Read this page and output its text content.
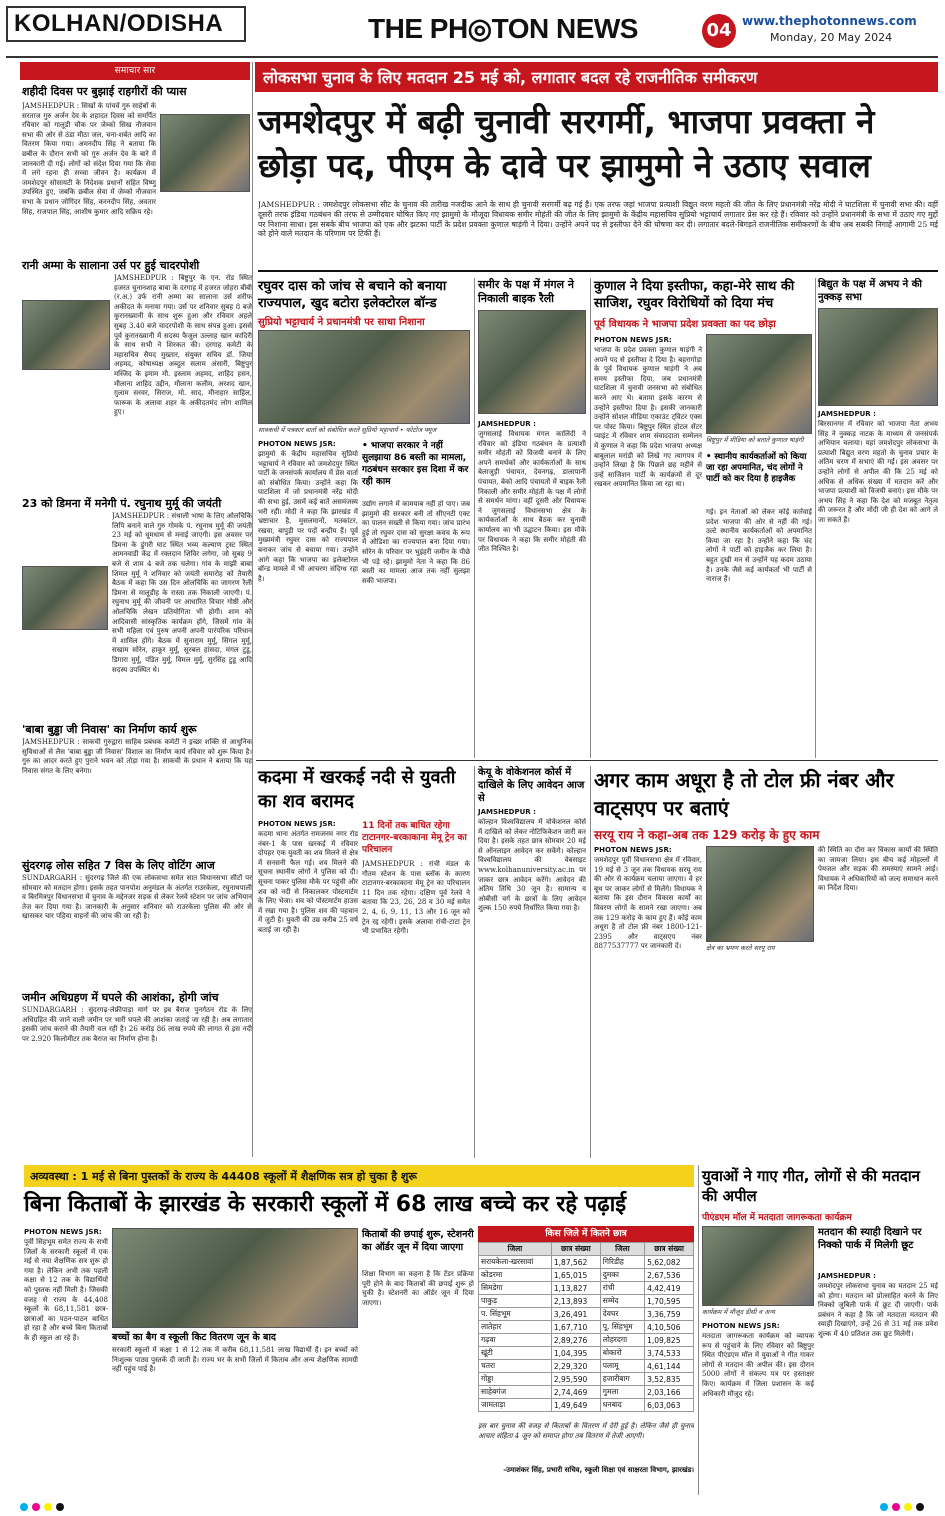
KOLHAN/ODISHA	THE PH◎TON NEWS	04 www.thephotonnews.com
Monday, 20 May 2024
समाचार सार
शहीदी दिवस पर बुझाई राहगीरों की प्यास
JAMSHEDPUR : सिखों के पांचवें गुरु साहेबों के सरताज गुरु अर्जन देव के शहादत दिवस को समर्पित रविवार को गालूडी चौक पर जेम्को सिख नौजवान सभा की ओर से ठंडा मीठा जल, चना-शर्बत आदि का वितरण किया गया। अमनदीप सिंह ने बताया कि छबील के दौरान सभी को गुरु अर्जन देव के बारे में जानकारी दी गई। लोगों को संदेश दिया गया कि सेवा में लगे रहना ही सच्चा जीवन है। कार्यक्रम में जमशेदपुर सोसायटी के निदेशक प्रधानों सहित विष्णु उपस्थित हुए, जबकि छबील सेवा में जेम्को नौजवान सभा के प्रधान जोगिंदर सिंह, करनदीप सिंह, अवतार सिंह, राजपाल सिंह, आशीष कुमार आदि सक्रिय रहे।
रानी अम्मा के सालाना उर्स पर हुई चादरपोशी
JAMSHEDPUR : बिष्टुपुर के एन. रोड स्थित हजरत चुनानशाह बाबा के दरगाह में हजरत जोहरा बीबी (र.अ.) उर्फ रानी अम्मा का सालाना उर्स शरीफ अकीदत के मनाया गया। उर्स पर शनिवार सुबह 8 बजे कुरानख्वानी के साथ शुरू हुआ और रविवार अहले सुबह 3.40 बजे चादरपोशी के साथ संपन्न हुआ। इससे पूर्व कुरानख्वानी में सदस्य फैजुल उल्लाह खान कादिरी के साथ सभी ने शिरकत की। दरगाह कमेटी के महासचिव सैयद मुख्तार, संयुक्त सचिव डॉ. जिया अहमद, कोषाध्यक्ष अब्दुल सलाम अंसारी, बिष्टुपुर मस्जिद के इमाम मौ. इस्लाम अहमद, शाहिद हसन, मौलाना शाहिद उद्दीन, मौलाना कलीम, अरशद खान, ग़ुलाम सरवर, सिराज, मो. साद, मीनाहार साहिल, फारूक के अलावा शहर के अकीदतमंद लोग शामिल हुए।
23 को डिमना में मनेगी पं. रघुनाथ मुर्मू की जयंती
JAMSHEDPUR : संथाली भाषा के लिए ओलचिकि लिपि बनाने वाले गुरु गोमके पं. रघुनाथ मुर्मू की जयंती 23 मई को धूमधाम से मनाई जाएगी। इस अवसर पर डिमना के डुंगरी घाट स्थित भव्य कल्याण ट्रस्ट स्थित आमनवाडी केंद्र में रक्तदान शिविर लगेगा, जो सुबह 9 बजे से शाम 4 बजे तक चलेगा। गांव के माझी बाबा शिमल मुर्मू ने शनिवार को जयंती समारोह को तैयारी बैठक में कहा कि उस दिन ओलचिकि का जागरण रैली डिमना से मालूडीह के रास्ता तक निकाली जाएगी। पं. रघुनाथ मुर्मू की जीवनी पर आधारित विचार गोष्ठी और ओलचिकि लेखन प्रतियोगिता भी होगी। शाम को आदिवासी सांस्कृतिक कार्यक्रम होंगे, जिसमें गांव के सभी महिला एवं पुरुष अपनी अपनी पारंपरिक परिधान में शामिल होंगे। बैठक में सुनाराम मुर्मू, सिंगल मुर्मू, सखाम सोरेन, हाकूर मुर्मू, सुरबल हांसदा, मंगल टुडू, डिगारा मुर्मू, पंडित मुर्मू, विमल मुर्मू, सुरसिंह टुडू आदि सदस्य उपस्थित थे।
'बाबा बुड्ढा जी निवास' का निर्माण कार्य शुरू
JAMSHEDPUR : साकची गुरुद्वारा साहिब प्रबंधक कमेटी ने इच्छा शक्ति से आधुनिक सुविधाओं से लैस 'बाबा बुड्ढा जी निवास' विशाल का निर्माण कार्य रविवार को शुरू किया है। गुरु का आदर करते हुए पुराने भवन को तोड़ा गया है। साकची के प्रधान ने बताया कि यह निवास संगत के लिए बनेगा।
सुंदरगढ़ लोस सहित 7 विस के लिए वोटिंग आज
SUNDARGARH : सुंदरगढ़ जिले की एक लोकसभा समेत सात विधानसभा सीटों पर सोमवार को मतदान होगा। इसके तहत पानपोश अनुमंडल के अंतर्गत राउरकेला, रघुनाथपाली व बिरमित्रपुर विधानसभा में चुनाव के मद्देनजर सड़क से लेकर रेलवे स्टेशन पर जांच अभियान तेज कर दिया गया है। जानकारी के अनुसार शनिवार को राउरकेला पुलिस की ओर से खासकर चार पहिया वाहनों की जांच की जा रही है।
जमीन अधिग्रहण में घपले की आशंका, होगी जांच
SUNDARGARH : सुंदरगढ़-लेफ्रीपाड़ा मार्ग पर इब बैराज पुनर्गठन रोड के लिए अधिग्रहित की जाने वाली जमीन पर भारी घपले की आशंका जताई जा रही है। अब लगातार इसकी जांच कराने की तैयारी चल रही है। 26 करोड़ 86 लाख रुपये की लागत से इस नदी पर 2.920 किलोमीटर तक बैराज का निर्माण होना है।
लोकसभा चुनाव के लिए मतदान 25 मई को, लगातार बदल रहे राजनीतिक समीकरण
जमशेदपुर में बढ़ी चुनावी सरगर्मी, भाजपा प्रवक्ता ने छोड़ा पद, पीएम के दावे पर झामुमो ने उठाए सवाल
JAMSHEDPUR : जमशेदपुर लोकसभा सीट के चुनाव की तारीख नजदीक आने के साथ ही चुनावी सरगर्मी बढ़ गई है। एक तरफ जहां भाजपा प्रत्याशी विद्युत वरण महतो की जीत के लिए प्रधानमंत्री नरेंद्र मोदी ने घाटशिला में चुनावी सभा की। वहीं दूसरी तरफ इंडिया गठबंधन की तरफ से उम्मीदवार घोषित किए गए झामुमो के मौजूदा विधायक समीर मोहंती की जीत के लिए झामुमो के केंद्रीय महासचिव सुप्रियो भट्टाचार्य लगातार प्रेस कर रहे हैं। रविवार को उन्होंने प्रधानमंत्री के सभा में उठाए गए मुद्दों पर निशाना साधा। इस सबके बीच भाजपा को एक और झटका पार्टी के प्रदेश प्रवक्ता कुणाल षाड़ंगी ने दिया। उन्होंने अपने पद से इस्तीफा देने की घोषणा कर दी। लगातार बदले-बिगड़ते राजनीतिक समीकरणों के बीच अब सबकी निगाहें आगामी 25 मई को होने वाले मतदान के परिणाम पर टिकी हैं।
रघुवर दास को जांच से बचाने को बनाया राज्यपाल, खुद बटोरा इलेक्टोरल बॉन्ड
सुप्रियो भट्टाचार्य ने प्रधानमंत्री पर साधा निशाना
सावकची में पत्रकार वार्ता को संबोधित करते सुप्रियो भट्टाचार्य • फोटोज फ्यूज
PHOTON NEWS JSR:
झामुमो के केंद्रीय महासचिव सुप्रियो भट्टाचार्य ने रविवार को जमशेदपुर स्थित पार्टी के जनसंपर्क कार्यालय में प्रेस वार्ता को संबोधित किया। उन्होंने कहा कि घाटशिला में जो प्रधानमंत्री नरेंद्र मोदी की सभा हुई, उसमें कई बातें असमंजस्य भरी रहीं। मोदी ने कहा कि झारखंड में भ्रष्टाचार है, मुसलमानों, मतकांटर, रखवा, बापुड़ी पर पदों बन्द्रीय हैं। पूर्व मुख्यमंत्री रघुवर दास को राज्यपाल बनाकर जांच से बचाया गया। उन्होंने आगे कहा कि भाजपा का इलेक्टोरल बॉन्ड मामले में भी आचरण संदिग्ध रहा है।
• भाजपा सरकार ने नहीं सुलझाया 86 बस्ती का मामला, गठबंधन सरकार इस दिशा में कर रही काम
उद्योग लगाने में कामयाब नहीं हो पाए। जब झामुमो की सरकार बनी तो सीएनटी एक्ट का पालन सख्ती से किया गया। जांच प्रारंभ हुई तो रघुवर दास को सुरक्षा कवच के रूप में ओडिशा का राज्यपाल बना दिया गया। सोरेन के परिवार पर भुइंहरी जमीन के पीछे भी पड़े रहे। झामुमो नेता ने कहा कि 86 बस्ती का मामला आज तक नहीं सुलझा सकी भाजपा।
समीर के पक्ष में मंगल ने निकाली बाइक रैली
JAMSHEDPUR :
जुगसलाई विधायक मंगल कालिंदी ने रविवार को इंडिया गठबंधन के प्रत्याशी समीर मोहंती को विजयी बनाने के लिए अपने समर्थकों और कार्यकर्ताओं के साथ बेलाजुड़ी पंचायत, देवनगढ़, डालापानी पंचायत, बेको आदि पंचायतों में बाइक रैली निकाली और समीर मोहंती के पक्ष में लोगों से समर्थन मांगा। वहीं दूसरी ओर विधायक ने जुगसलाई विधानसभा क्षेत्र के कार्यकर्ताओं के साथ बैठक कर चुनावी कार्यालय का भी उद्घाटन किया। इस मौके पर विधायक ने कहा कि समीर मोहंती की जीत निश्चित है।
कुणाल ने दिया इस्तीफा, कहा-मेरे साथ की साजिश, रघुवर विरोधियों को दिया मंच
पूर्व विधायक ने भाजपा प्रदेश प्रवक्ता का पद छोड़ा
PHOTON NEWS JSR:
भाजपा के प्रदेश प्रवक्ता कुणाल षाड़ंगी ने अपने पद से इस्तीफा दे दिया है। बहरागोड़ा के पूर्व विधायक कुणाल षाड़ंगी ने अब समय इस्तीफा दिया, जब प्रधानमंत्री घाटशिला में चुनावी जनसभा को संबोधित करने आए थे। बताया इसके कारण से उन्होंने इस्तीफा दिया है। इसकी जानकारी उन्होंने सोशल मीडिया एकाउंट ट्विटर एक्स पर पोस्ट किया। बिष्टुपुर स्थित होटल सेंटर प्वाइंट में रविवार शाम संवाददाता सम्मेलन में कुणाल ने कहा कि प्रदेश भाजपा अध्यक्ष बाबूलाल मरांडी को लिखे गए त्यागपत्र में उन्होंने लिखा है कि पिछले छह महीने से उन्हें साजिशन पार्टी के कार्यक्रमों से दूर रखकर अपमानित किया जा रहा था।
बिष्टुपुर में मीडिया को बताते कुणाल षाड़ंगी
• स्थानीय कार्यकर्ताओं को किया जा रहा अपमानित, चंद लोगों ने पार्टी को कर दिया है हाइजैक
गई। इन नेताओं को लेकर कोई कार्रवाई प्रदेश भाजपा की ओर से नहीं की गई। उल्टे स्थानीय कार्यकर्ताओं को अपमानित किया जा रहा है। उन्होंने कहा कि चंद लोगों ने पार्टी को हाइजैक कर लिया है। बहुत दुखी मन से उन्होंने यह कदम उठाया है। उनके जैसे कई कार्यकर्ता भी पार्टी से नाराज हैं।
बिद्युत के पक्ष में अभय ने की नुक्कड़ सभा
JAMSHEDPUR :
बिरसानगर में रविवार को भाजपा नेता अभय सिंह ने नुक्कड़ नाटक के माध्यम से जनसंपर्क अभियान चलाया। यहां जमशेदपुर लोकसभा के प्रत्याशी बिद्युत वरण महतो के चुनाव प्रचार के अंतिम चरण में सभाएं की गईं। इस अवसर पर उन्होंने लोगों से अपील की कि 25 मई को अधिक से अधिक संख्या में मतदान करें और भाजपा प्रत्याशी को विजयी बनाएं। इस मौके पर अभय सिंह ने कहा कि देश को मजबूत नेतृत्व की जरूरत है और मोदी जी ही देश को आगे ले जा सकते हैं।
कदमा में खरकई नदी से युवती का शव बरामद
PHOTON NEWS JSR:
कदमा थाना अंतर्गत रामजनम नगर रोड नंबर-1 के पास खरकई में रविवार दोपहर एक युवती का शव मिलने से क्षेत्र में सनसनी फैल गई। शव मिलने की सूचना स्थानीय लोगों ने पुलिस को दी। सूचना पाकर पुलिस मौके पर पहुंची और शव को नदी से निकालकर पोस्टमार्टम के लिए भेजा। शव को पोस्टमार्टम हाउस में रखा गया है। पुलिस शव की पहचान में जुटी है। युवती की उम्र करीब 25 वर्ष बताई जा रही है।
11 दिनों तक बाधित रहेगा टाटानगर-बरकाकाना मेमू ट्रेन का परिचालन
JAMSHEDPUR : रांची मंडल के गौतम स्टेशन के पास ब्लॉक के कारण टाटानगर-बरकाकाना मेमू ट्रेन का परिचालन 11 दिन तक रहेगा। दक्षिण पूर्व रेलवे ने बताया कि 23, 26, 28 व 30 मई समेत 2, 4, 6, 9, 11, 13 और 16 जून को ट्रेन रद्द रहेगी। इसके अलावा रांची-टाटा ट्रेन भी प्रभावित रहेगी।
केयू के वोकेशनल कोर्स में दाखिले के लिए आवेदन आज से
JAMSHEDPUR :
कोल्हान विश्वविद्यालय में वोकेशनल कोर्स में दाखिले को लेकर नोटिफिकेशन जारी कर दिया है। इसके तहत छात्र सोमवार 20 मई से ऑनलाइन आवेदन कर सकेंगे। कोल्हान विश्वविद्यालय की वेबसाइट www.kolhanuniversity.ac.in पर जाकर छात्र आवेदन करेंगे। आवेदन की अंतिम तिथि 30 जून है। सामान्य व ओबीसी वर्ग के छात्रों के लिए आवेदन शुल्क 150 रुपये निर्धारित किया गया है।
अगर काम अधूरा है तो टोल फ्री नंबर और वाट्सएप पर बताएं
सरयू राय ने कहा-अब तक 129 करोड़ के हुए काम
PHOTON NEWS JSR:
जमशेदपुर पूर्वी विधानसभा क्षेत्र में रविवार, 19 मई से 3 जून तक विधायक सरयू राय की ओर से कार्यक्रम चलाया जाएगा। वे हर बूथ पर जाकर लोगों से मिलेंगे। विधायक ने बताया कि इस दौरान विकास कार्यों का विवरण लोगों के सामने रखा जाएगा। अब तक 129 करोड़ के काम हुए हैं। कोई काम अधूरा है तो टोल फ्री नंबर 1800-121-2395 और वाट्सएप नंबर 8877537777 पर जानकारी दें।	क्षेत्र का भ्रमण करते सरयू राय
की स्थिति का दौरा कर विकास कार्यों की स्थिति का जायजा लिया। इस बीच कई मोहल्लों में पेयजल और सड़क की समस्याएं सामने आईं। विधायक ने अधिकारियों को जल्द समाधान करने का निर्देश दिया।
अव्यवस्था : 1 मई से बिना पुस्तकों के राज्य के 44408 स्कूलों में शैक्षणिक सत्र हो चुका है शुरू
बिना किताबों के झारखंड के सरकारी स्कूलों में 68 लाख बच्चे कर रहे पढ़ाई
PHOTON NEWS JSR:
पूर्वी सिंहभूम समेत राज्य के सभी जिलों के सरकारी स्कूलों में एक मई से नया शैक्षणिक सत्र शुरू हो गया है। लेकिन अभी तक पहली कक्षा से 12 तक के विद्यार्थियों को पुस्तक नहीं मिली है। जिसकी वजह से राज्य के 44,408 स्कूलों के 68,11,581 छात्र-छात्राओं का पठन-पाठन बाधित हो रहा है और बच्चे बिना किताबों के ही स्कूल आ रहे हैं।	बच्चों का बैग व स्कूली किट वितरण जून के बाद
सरकारी स्कूलों में कक्षा 1 से 12 तक में करीब 68,11,581 लाख विद्यार्थी हैं। इन बच्चों को निःशुल्क पाठ्य पुस्तकें दी जाती हैं। राज्य भर के सभी जिलों में किताब और अन्य शैक्षणिक सामग्री नहीं पहुंच पाई है।
किताबों की छपाई शुरू, स्टेशनरी का ऑर्डर जून में दिया जाएगा
शिक्षा विभाग का कहना है कि टेंडर प्रक्रिया पूरी होने के बाद किताबों की छपाई शुरू हो चुकी है। स्टेशनरी का ऑर्डर जून में दिया जाएगा।
किस जिले में कितने छात्र
जिला	छात्र संख्या	जिला	छात्र संख्या
सरायकेला-खरसावां	1,87,562	गिरिडीह	5,62,082
कोडरमा	1,65,015	दुमका	2,67,536
सिमडेगा	1,13,827	रांची	4,42,419
पाकुड़	2,13,893	सम्मेद	1,70,595
प. सिंहभूम	3,26,491	देवघर	3,36,759
लातेहार	1,67,710	पू. सिंहभूम	4,10,506
गढ़वा	2,89,276	लोहरदगा	1,09,825
खूंटी	1,04,395	बोकारो	3,74,533
चतरा	2,29,320	पलामू	4,61,144
गोड्डा	2,95,590	हजारीबाग	3,52,835
साहेबगंज	2,74,469	गुमला	2,03,166
जामताड़ा	1,49,649	धनबाद	6,03,063
इस बार चुनाव की वजह से किताबों के वितरण में देरी हुई है। लेकिन जैसे ही चुनाव आचार संहिता 4 जून को समाप्त होगा तब वितरण में तेजी आएगी।
-उमाशंकर सिंह, प्रभारी सचिव, स्कूली शिक्षा एवं साक्षरता विभाग, झारखंड।
युवाओं ने गाए गीत, लोगों से की मतदान की अपील
पीएंडएम मॉल में मतदाता जागरूकता कार्यक्रम
कार्यक्रम में मौजूद डीसी व अन्य
PHOTON NEWS JSR:
मतदाता जागरूकता कार्यक्रम को व्यापक रूप से पहुंचाने के लिए रविवार को बिष्टुपुर स्थित पीएंडएम मॉल में युवाओं ने गीत गाकर लोगों से मतदान की अपील की। इस दौरान 5000 लोगों ने संकल्प पत्र पर हस्ताक्षर किए। कार्यक्रम में जिला प्रशासन के कई अधिकारी मौजूद रहे।
मतदान की स्याही दिखाने पर निक्को पार्क में मिलेगी छूट
JAMSHEDPUR :
जमशेदपुर लोकसभा चुनाव का मतदान 25 मई को होगा। मतदान को प्रोत्साहित करने के लिए निक्को जुबिली पार्क में छूट दी जाएगी। पार्क प्रबंधन ने कहा है कि जो मतदाता मतदान की स्याही दिखाएंगे, उन्हें 26 से 31 मई तक प्रवेश शुल्क में 40 प्रतिशत तक छूट मिलेगी।
